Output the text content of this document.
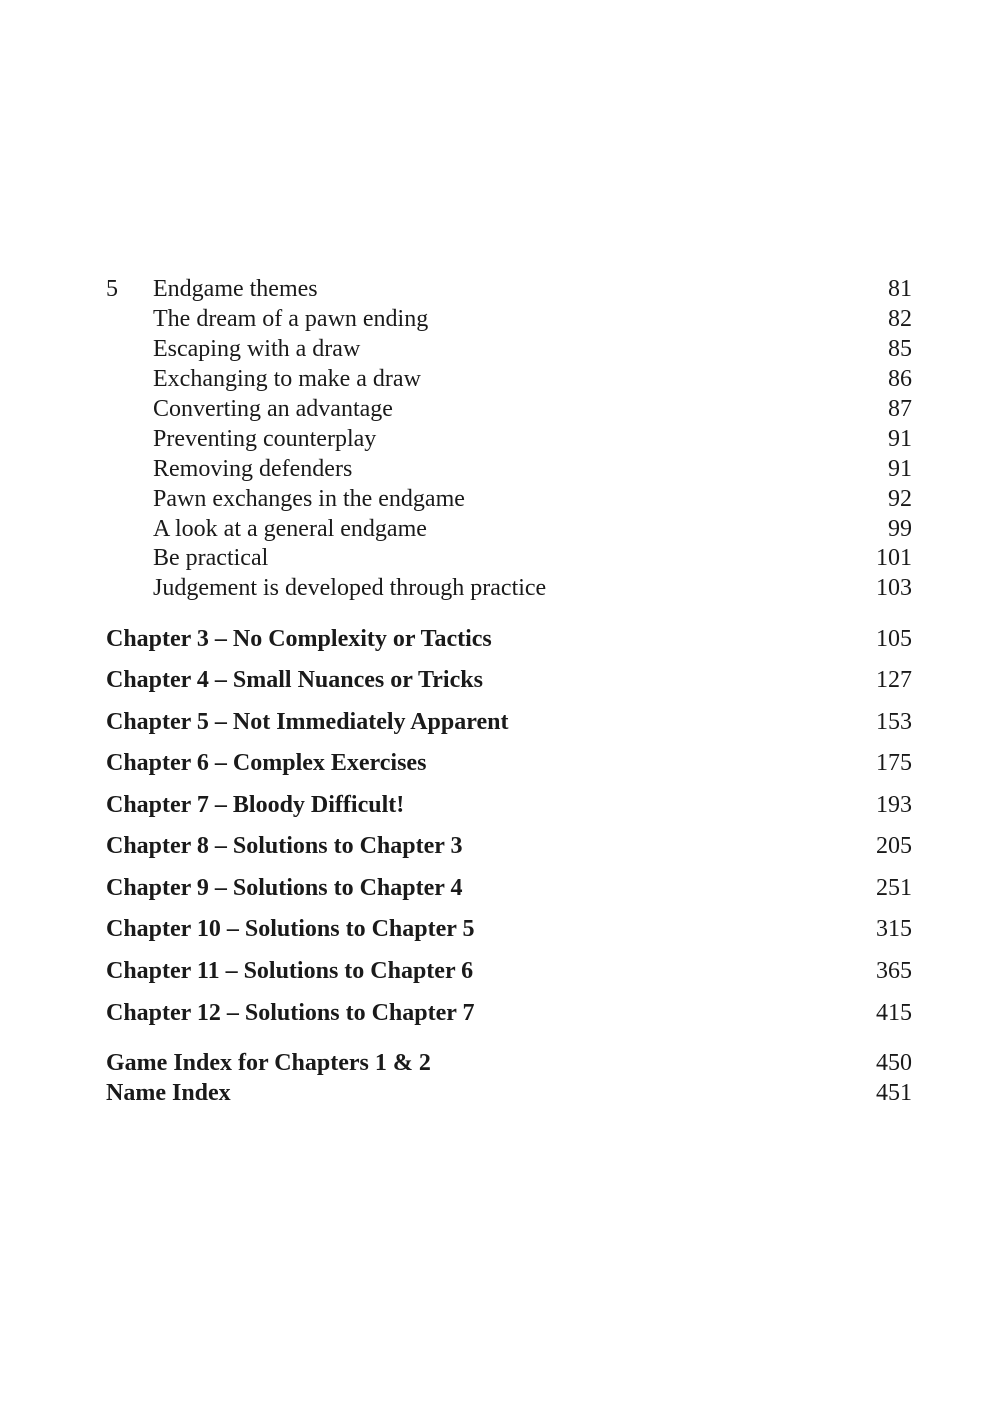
5 Endgame themes	81
The dream of a pawn ending	82
Escaping with a draw	85
Exchanging to make a draw	86
Converting an advantage	87
Preventing counterplay	91
Removing defenders	91
Pawn exchanges in the endgame	92
A look at a general endgame	99
Be practical	101
Judgement is developed through practice	103
Chapter 3 – No Complexity or Tactics	105
Chapter 4 – Small Nuances or Tricks	127
Chapter 5 – Not Immediately Apparent	153
Chapter 6 – Complex Exercises	175
Chapter 7 – Bloody Difficult!	193
Chapter 8 – Solutions to Chapter 3	205
Chapter 9 – Solutions to Chapter 4	251
Chapter 10 – Solutions to Chapter 5	315
Chapter 11 – Solutions to Chapter 6	365
Chapter 12 – Solutions to Chapter 7	415
Game Index for Chapters 1 & 2	450
Name Index	451
